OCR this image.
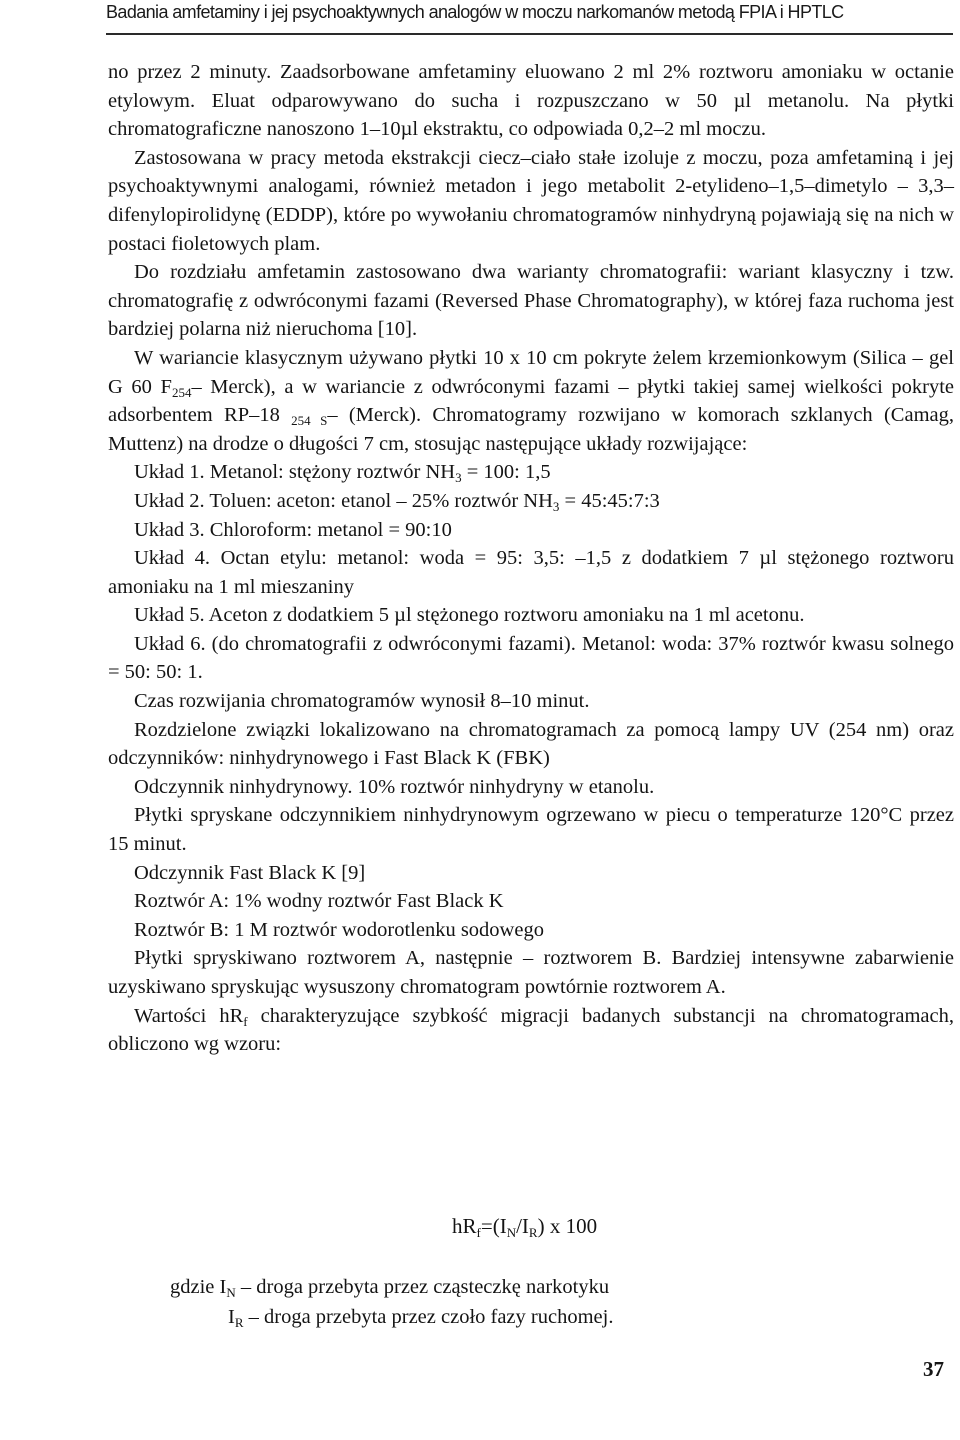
Badania amfetaminy i jej psychoaktywnych analogów w moczu narkomanów metodą FPIA i HPTLC

no przez 2 minuty. Zaadsorbowane amfetaminy eluowano 2 ml 2% roztworu amoniaku w octanie etylowym. Eluat odparowywano do sucha i rozpuszczano w 50 µl metanolu. Na płytki chromatograficzne nanoszono 1–10µl ekstraktu, co odpowiada 0,2–2 ml moczu.

Zastosowana w pracy metoda ekstrakcji ciecz–ciało stałe izoluje z moczu, poza amfetaminą i jej psychoaktywnymi analogami, również metadon i jego metabolit 2-etylideno–1,5–dimetylo – 3,3–difenylopirolidynę (EDDP), które po wywołaniu chromatogramów ninhydryną pojawiają się na nich w postaci fioletowych plam.

Do rozdziału amfetamin zastosowano dwa warianty chromatografii: wariant klasyczny i tzw. chromatografię z odwróconymi fazami (Reversed Phase Chromatography), w której faza ruchoma jest bardziej polarna niż nieruchoma [10].

W wariancie klasycznym używano płytki 10 x 10 cm pokryte żelem krzemionkowym (Silica – gel G 60 $F_{254}-$ Merck), a w wariancie z odwróconymi fazami – płytki takiej samej wielkości pokryte adsorbentem RP–18 $_{254 S}$– (Merck). Chromatogramy rozwijano w komorach szklanych (Camag, Muttenz) na drodze o długości 7 cm, stosując następujące układy rozwijające:

Układ 1. Metanol: stężony roztwór $NH_3 = 100$: 1,5

Układ 2. Toluen: aceton: etanol – 25% roztwór $NH_3$ = 45:45:7:3

Układ 3. Chloroform: metanol = 90:10

Układ 4. Octan etylu: metanol: woda = 95: 3,5: –1,5 z dodatkiem 7 µl stężonego roztworu amoniaku na 1 ml mieszaniny

Układ 5. Aceton z dodatkiem 5 µl stężonego roztworu amoniaku na 1 ml acetonu.

Układ 6. (do chromatografii z odwróconymi fazami). Metanol: woda: 37% roztwór kwasu solnego = 50: 50: 1.

Czas rozwijania chromatogramów wynosił 8–10 minut.

Rozdzielone związki lokalizowano na chromatogramach za pomocą lampy UV (254 nm) oraz odczynników: ninhydrynowego i Fast Black K (FBK)

Odczynnik ninhydrynowy. 10% roztwór ninhydryny w etanolu.

Płytki spryskane odczynnikiem ninhydrynowym ogrzewano w piecu o temperaturze 120°C przez 15 minut.

Odczynnik Fast Black K [9]

Roztwór A: 1% wodny roztwór Fast Black K

Roztwór B: 1 M roztwór wodorotlenku sodowego

Płytki spryskiwano roztworem A, następnie – roztworem B. Bardziej intensywne zabarwienie uzyskiwano spryskując wysuszony chromatogram powtórnie roztworem A.

Wartości $hR_f$ charakteryzujące szybkość migracji badanych substancji na chromatogramach, obliczono wg wzoru:

$hR_f=(I_N/I_R)$ x 100
gdzie $I_N$ – droga przebyta przez cząsteczkę narkotyku
$I_R$ – droga przebyta przez czoło fazy ruchomej.
37
